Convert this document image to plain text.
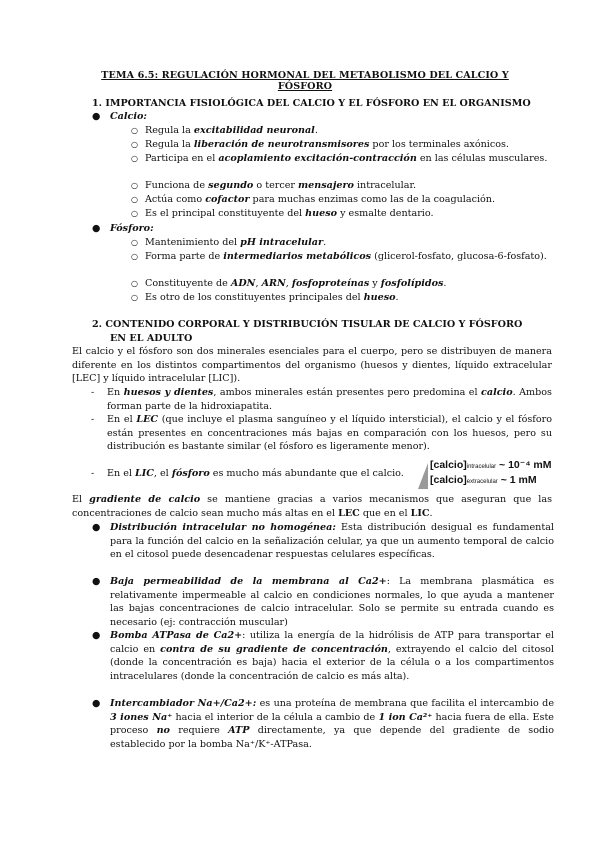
TEMA 6.5: REGULACIÓN HORMONAL DEL METABOLISMO DEL CALCIO Y FÓSFORO
1. IMPORTANCIA FISIOLÓGICA DEL CALCIO Y EL FÓSFORO EN EL ORGANISMO
● Calcio:
○ Regula la excitabilidad neuronal.
○ Regula la liberación de neurotransmisores por los terminales axónicos.
○ Participa en el acoplamiento excitación-contracción en las células musculares.
○ Funciona de segundo o tercer mensajero intracelular.
○ Actúa como cofactor para muchas enzimas como las de la coagulación.
○ Es el principal constituyente del hueso y esmalte dentario.
● Fósforo:
○ Mantenimiento del pH intracelular.
○ Forma parte de intermediarios metabólicos (glicerol-fosfato, glucosa-6-fosfato).
○ Constituyente de ADN, ARN, fosfoproteínas y fosfolípidos.
○ Es otro de los constituyentes principales del hueso.
2. CONTENIDO CORPORAL Y DISTRIBUCIÓN TISULAR DE CALCIO Y FÓSFORO
EN EL ADULTO
El calcio y el fósforo son dos minerales esenciales para el cuerpo, pero se distribuyen de manera diferente en los distintos compartimentos del organismo (huesos y dientes, líquido extracelular [LEC] y líquido intracelular [LIC]).
- En huesos y dientes, ambos minerales están presentes pero predomina el calcio. Ambos forman parte de la hidroxiapatita.
- En el LEC (que incluye el plasma sanguíneo y el líquido intersticial), el calcio y el fósforo están presentes en concentraciones más bajas en comparación con los huesos, pero su distribución es bastante similar (el fósforo es ligeramente menor).
- En el LIC, el fósforo es mucho más abundante que el calcio.
[calcio]intracelular ~ 10⁻⁴ mM
[calcio]extracelular ~ 1 mM
El gradiente de calcio se mantiene gracias a varios mecanismos que aseguran que las concentraciones de calcio sean mucho más altas en el LEC que en el LIC.
● Distribución intracelular no homogénea: Esta distribución desigual es fundamental para la función del calcio en la señalización celular, ya que un aumento temporal de calcio en el citosol puede desencadenar respuestas celulares específicas.
● Baja permeabilidad de la membrana al Ca2+: La membrana plasmática es relativamente impermeable al calcio en condiciones normales, lo que ayuda a mantener las bajas concentraciones de calcio intracelular. Solo se permite su entrada cuando es necesario (ej: contracción muscular)
● Bomba ATPasa de Ca2+: utiliza la energía de la hidrólisis de ATP para transportar el calcio en contra de su gradiente de concentración, extrayendo el calcio del citosol (donde la concentración es baja) hacia el exterior de la célula o a los compartimentos intracelulares (donde la concentración de calcio es más alta).
● Intercambiador Na+/Ca2+: es una proteína de membrana que facilita el intercambio de 3 iones Na⁺ hacia el interior de la célula a cambio de 1 ion Ca²⁺ hacia fuera de ella. Este proceso no requiere ATP directamente, ya que depende del gradiente de sodio establecido por la bomba Na⁺/K⁺-ATPasa.
